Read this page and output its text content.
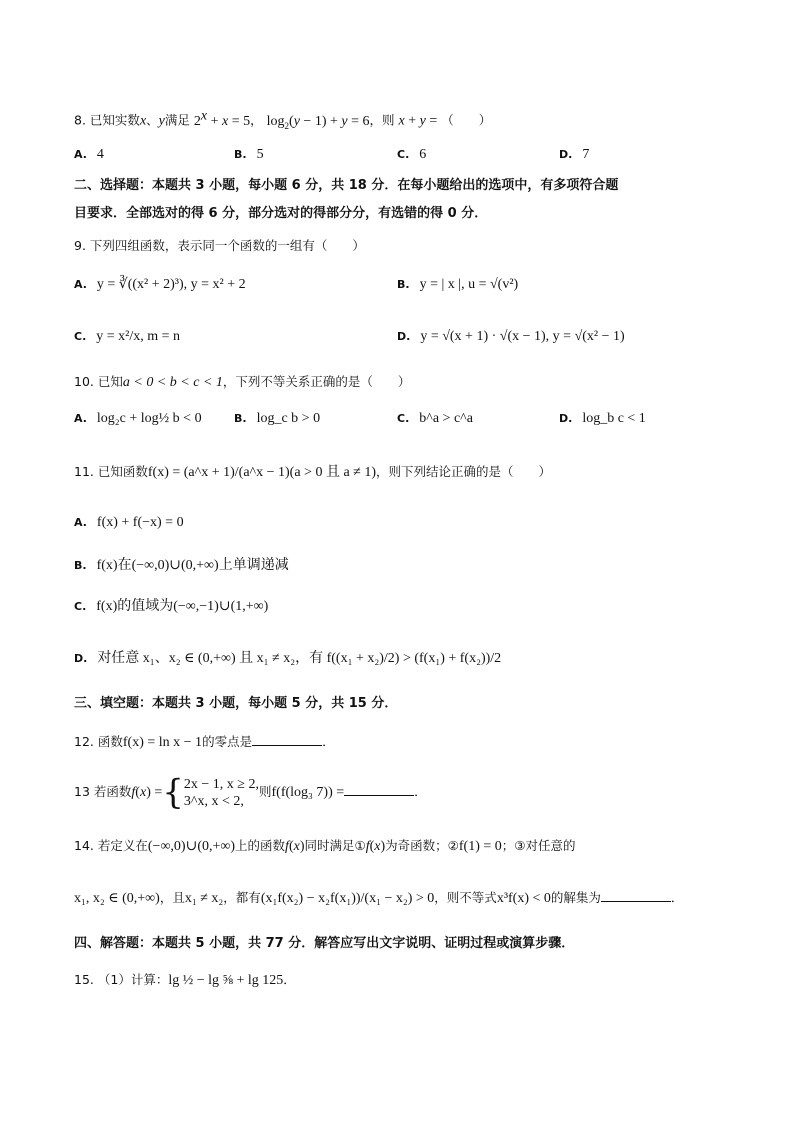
8. 已知实数x、y满足 $2^x + x = 5$， $\log_2(y - 1) + y = 6$，则 x + y = （　　）
A. 4	B. 5	C. 6	D. 7
二、选择题：本题共 3 小题，每小题 6 分，共 18 分．在每小题给出的选项中，有多项符合题
目要求．全部选对的得 6 分，部分选对的得部分分，有选错的得 0 分．
9. 下列四组函数，表示同一个函数的一组有（　　）
A. y = ∛((x² + 2)³), y = x² + 2	B. y = | x |, u = √(v²)
C. y = x²/x, m = n	D. y = √(x + 1) · √(x − 1), y = √(x² − 1)
10. 已知a < 0 < b < c < 1，下列不等关系正确的是（　　）
A. log₂c + log½ b < 0	B. log_c b > 0	C. b^a > c^a	D. log_b c < 1
11. 已知函数f(x) = (a^x + 1)/(a^x − 1)(a > 0 且 a ≠ 1)，则下列结论正确的是（　　）
A. f(x) + f(−x) = 0
B. f(x)在(−∞,0)∪(0,+∞)上单调递减
C. f(x)的值域为(−∞,−1)∪(1,+∞)
D. 对任意 x₁、x₂ ∈ (0,+∞) 且 x₁ ≠ x₂，有 f((x₁ + x₂)/2) > (f(x₁) + f(x₂))/2
三、填空题：本题共 3 小题，每小题 5 分，共 15 分．
12. 函数f(x) = ln x − 1的零点是	．
13 若函数f(x) ={ 2x − 1, x ≥ 2,
3^x, x < 2,
则f(f(log₃ 7)) =	．
14. 若定义在(−∞,0)∪(0,+∞)上的函数f(x)同时满足①f(x)为奇函数；②f(1) = 0；③对任意的
x₁, x₂ ∈ (0,+∞)，且x₁ ≠ x₂，都有(x₁f(x₂) − x₂f(x₁))/(x₁ − x₂) > 0，则不等式x³f(x) < 0的解集为	．
四、解答题：本题共 5 小题，共 77 分．解答应写出文字说明、证明过程或演算步骤．
15. （1）计算：lg ½ − lg ⅝ + lg 125．
